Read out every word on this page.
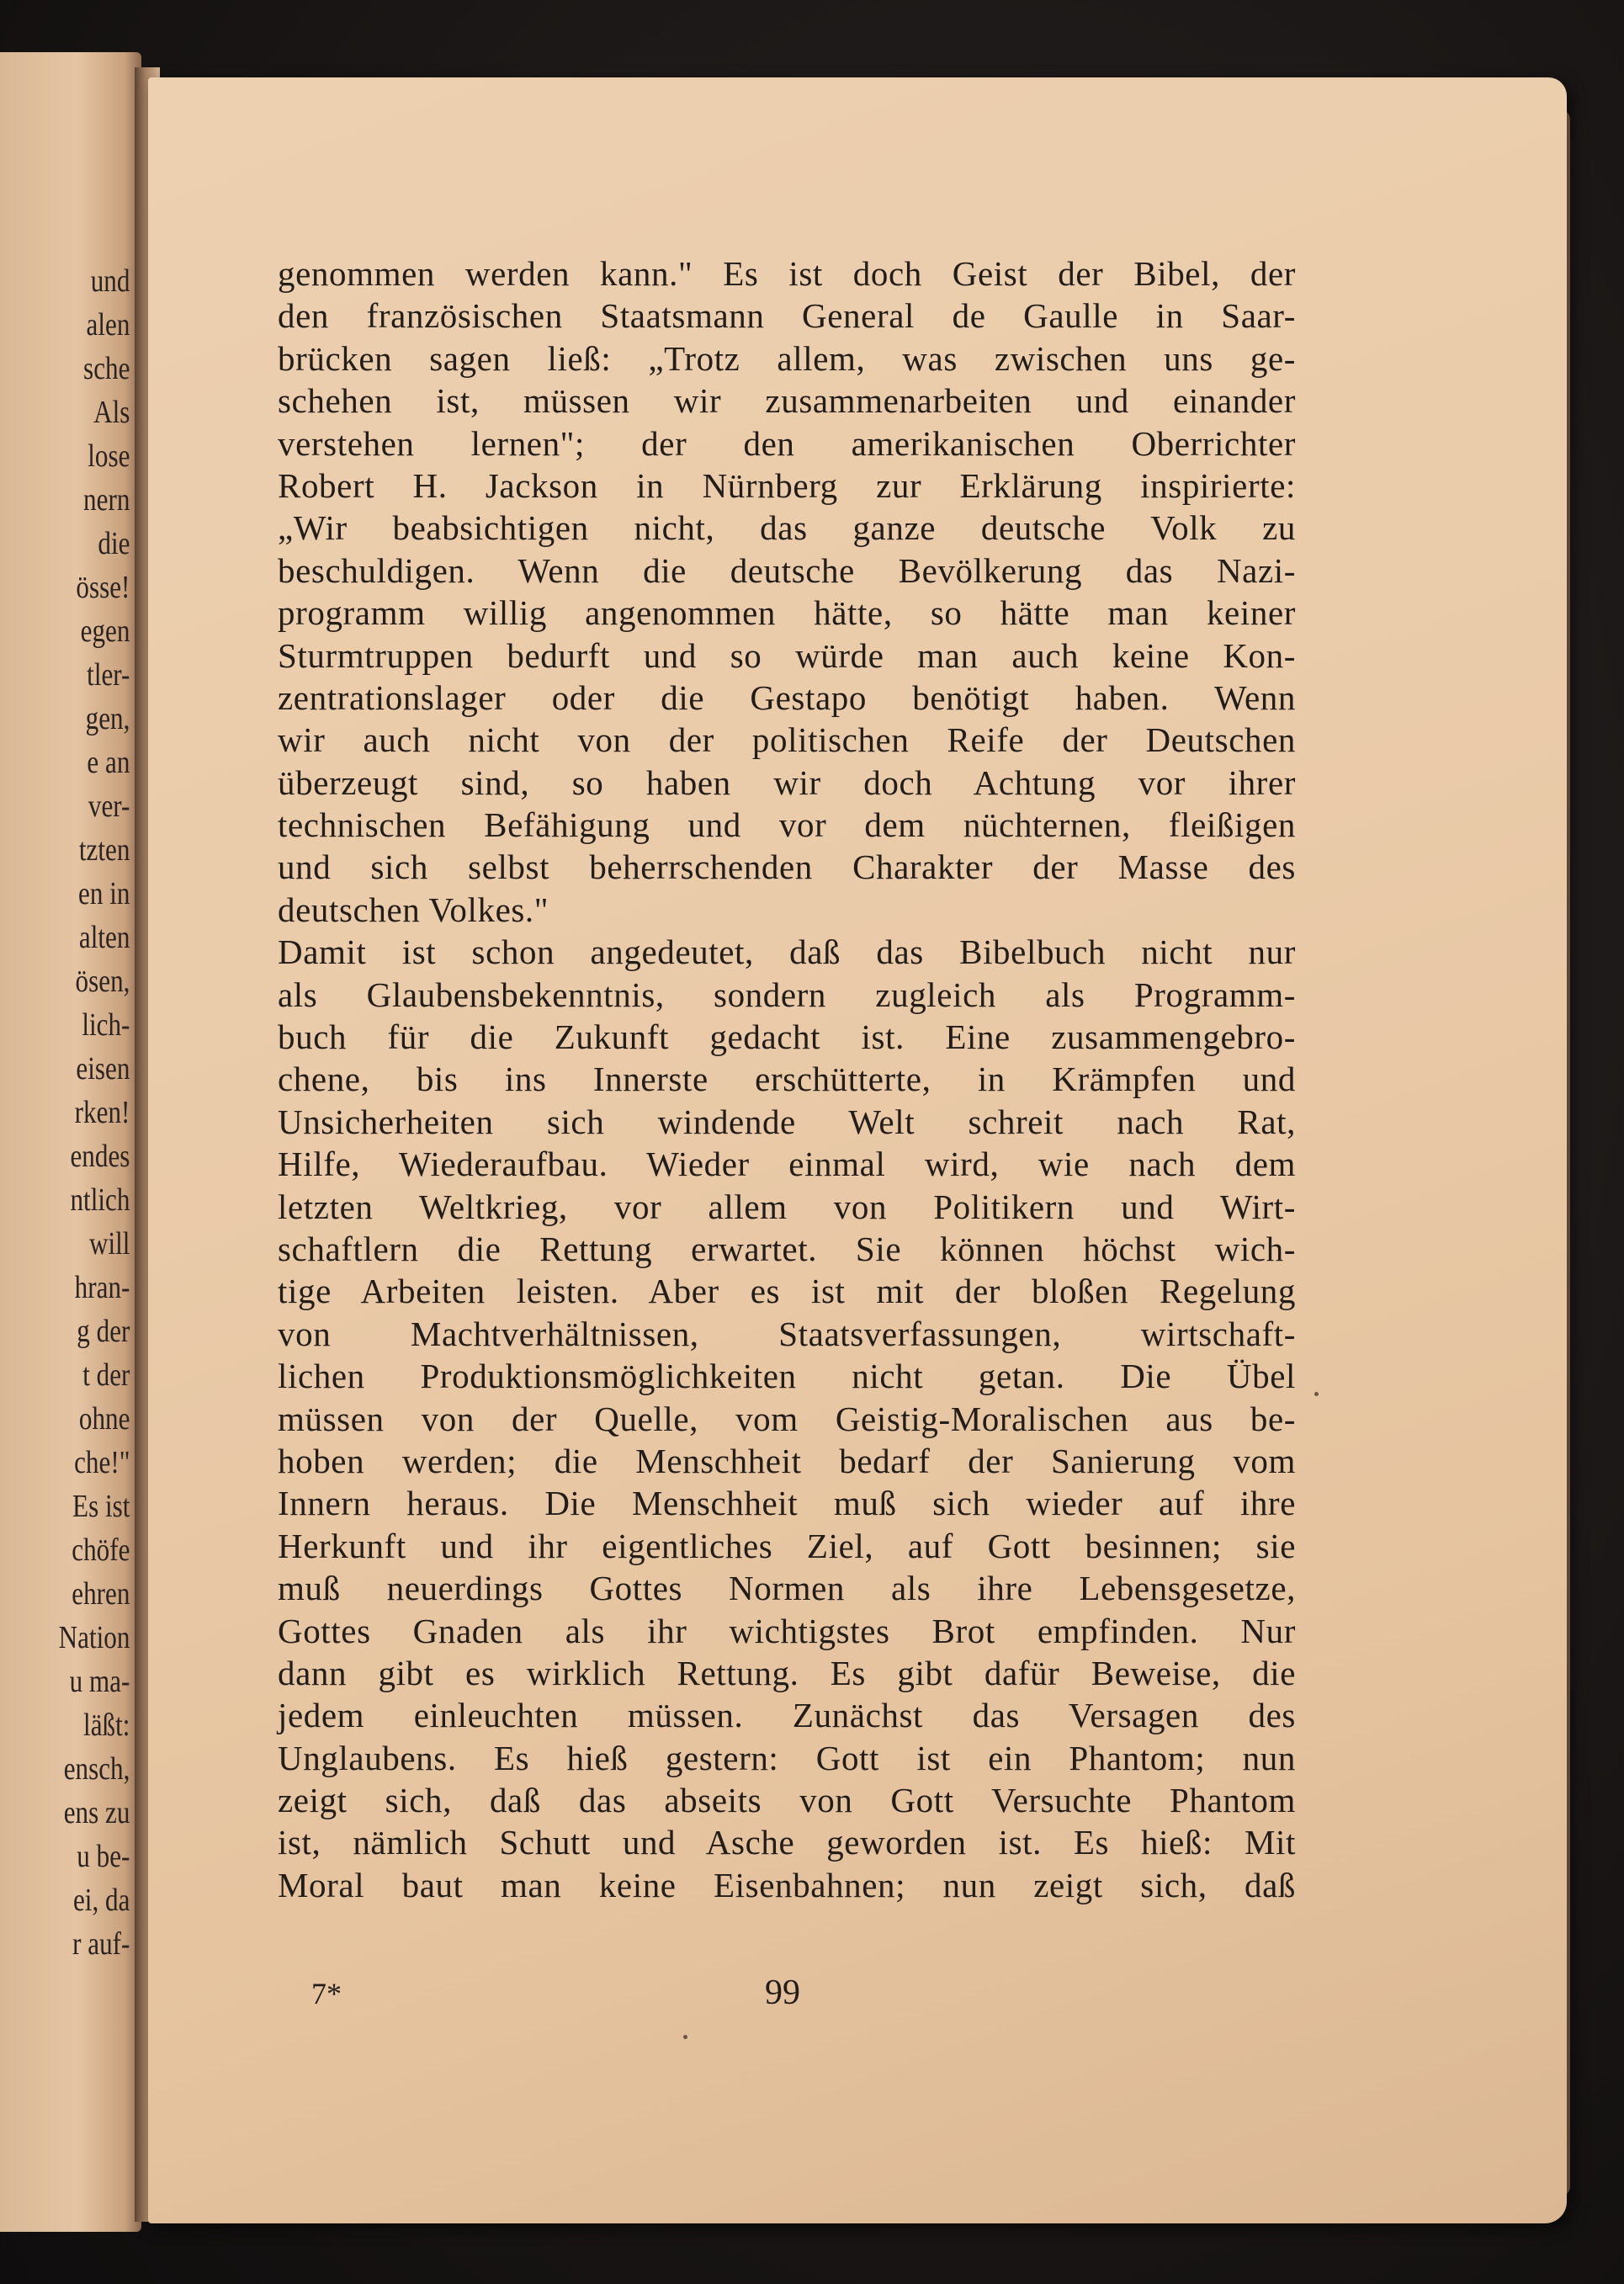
und
alen
sche
Als
lose
nern
die
össe!
egen
tler-
gen,
e an
ver-
tzten
en in
alten
ösen,
lich-
eisen
rken!
endes
ntlich
will
hran-
g der
t der
ohne
che!"
Es ist
chöfe
ehren
Nation
u ma-
läßt:
ensch,
ens zu
u be-
ei, da
r auf-
genommen werden kann." Es ist doch Geist der Bibel, der
den französischen Staatsmann General de Gaulle in Saar-
brücken sagen ließ: „Trotz allem, was zwischen uns ge-
schehen ist, müssen wir zusammenarbeiten und einander
verstehen lernen"; der den amerikanischen Oberrichter
Robert H. Jackson in Nürnberg zur Erklärung inspirierte:
„Wir beabsichtigen nicht, das ganze deutsche Volk zu
beschuldigen. Wenn die deutsche Bevölkerung das Nazi-
programm willig angenommen hätte, so hätte man keiner
Sturmtruppen bedurft und so würde man auch keine Kon-
zentrationslager oder die Gestapo benötigt haben. Wenn
wir auch nicht von der politischen Reife der Deutschen
überzeugt sind, so haben wir doch Achtung vor ihrer
technischen Befähigung und vor dem nüchternen, fleißigen
und sich selbst beherrschenden Charakter der Masse des
deutschen Volkes."
Damit ist schon angedeutet, daß das Bibelbuch nicht nur
als Glaubensbekenntnis, sondern zugleich als Programm-
buch für die Zukunft gedacht ist. Eine zusammengebro-
chene, bis ins Innerste erschütterte, in Krämpfen und
Unsicherheiten sich windende Welt schreit nach Rat,
Hilfe, Wiederaufbau. Wieder einmal wird, wie nach dem
letzten Weltkrieg, vor allem von Politikern und Wirt-
schaftlern die Rettung erwartet. Sie können höchst wich-
tige Arbeiten leisten. Aber es ist mit der bloßen Regelung
von Machtverhältnissen, Staatsverfassungen, wirtschaft-
lichen Produktionsmöglichkeiten nicht getan. Die Übel
müssen von der Quelle, vom Geistig-Moralischen aus be-
hoben werden; die Menschheit bedarf der Sanierung vom
Innern heraus. Die Menschheit muß sich wieder auf ihre
Herkunft und ihr eigentliches Ziel, auf Gott besinnen; sie
muß neuerdings Gottes Normen als ihre Lebensgesetze,
Gottes Gnaden als ihr wichtigstes Brot empfinden. Nur
dann gibt es wirklich Rettung. Es gibt dafür Beweise, die
jedem einleuchten müssen. Zunächst das Versagen des
Unglaubens. Es hieß gestern: Gott ist ein Phantom; nun
zeigt sich, daß das abseits von Gott Versuchte Phantom
ist, nämlich Schutt und Asche geworden ist. Es hieß: Mit
Moral baut man keine Eisenbahnen; nun zeigt sich, daß
7*	99
